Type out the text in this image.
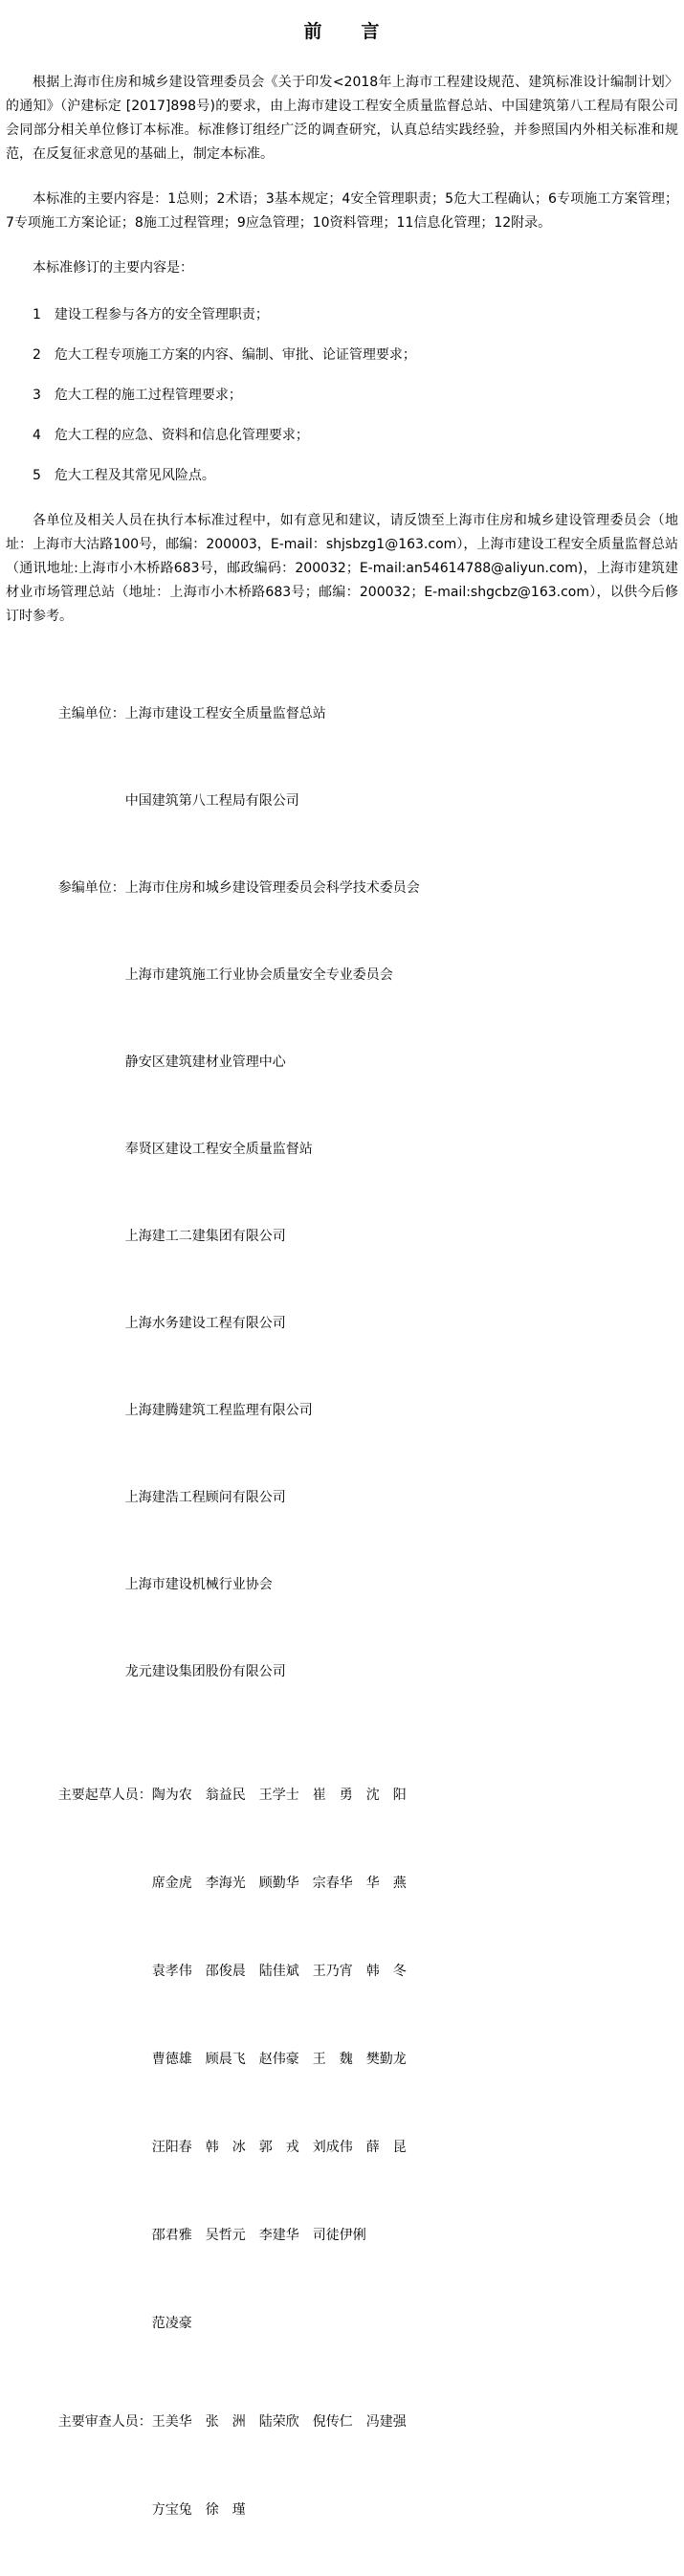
前　　言

根据上海市住房和城乡建设管理委员会《关于印发<2018年上海市工程建设规范、建筑标准设计编制计划〉的通知》（沪建标定 [2017]898号)的要求，由上海市建设工程安全质量监督总站、中国建筑第八工程局有限公司会同部分相关单位修订本标准。标准修订组经广泛的调查研究，认真总结实践经验，并参照国内外相关标准和规范，在反复征求意见的基础上，制定本标准。

本标准的主要内容是：1总则；2术语；3基本规定；4安全管理职责；5危大工程确认；6专项施工方案管理；7专项施工方案论证；8施工过程管理；9应急管理；10资料管理；11信息化管理；12附录。

本标准修订的主要内容是：

1　建设工程参与各方的安全管理职责；
2　危大工程专项施工方案的内容、编制、审批、论证管理要求；
3　危大工程的施工过程管理要求；
4　危大工程的应急、资料和信息化管理要求；
5　危大工程及其常见风险点。

各单位及相关人员在执行本标准过程中，如有意见和建议，请反馈至上海市住房和城乡建设管理委员会（地址：上海市大沽路100号，邮编：200003，E-mail：shjsbzg1@163.com），上海市建设工程安全质量监督总站（通讯地址:上海市小木桥路683号，邮政编码：200032；E-mail:an54614788@aliyun.com)，上海市建筑建材业市场管理总站（地址：上海市小木桥路683号；邮编：200032；E-mail:shgcbz@163.com），以供今后修订时参考。

主编单位：上海市建设工程安全质量监督总站

中国建筑第八工程局有限公司

参编单位：上海市住房和城乡建设管理委员会科学技术委员会

上海市建筑施工行业协会质量安全专业委员会

静安区建筑建材业管理中心

奉贤区建设工程安全质量监督站

上海建工二建集团有限公司

上海水务建设工程有限公司

上海建腾建筑工程监理有限公司

上海建浩工程顾问有限公司

上海市建设机械行业协会

龙元建设集团股份有限公司

主要起草人员：陶为农　翁益民　王学士　崔　勇　沈　阳

席金虎　李海光　顾勤华　宗春华　华　燕

袁孝伟　邵俊晨　陆佳斌　王乃宵　韩　冬

曹德雄　顾晨飞　赵伟豪　王　魏　樊勤龙

汪阳春　韩　冰　郭　戎　刘成伟　薛　昆

邵君雅　吴哲元　李建华　司徒伊俐

范凌豪

主要审查人员：王美华　张　洲　陆荣欣　倪传仁　冯建强

方宝兔　徐　瑾
